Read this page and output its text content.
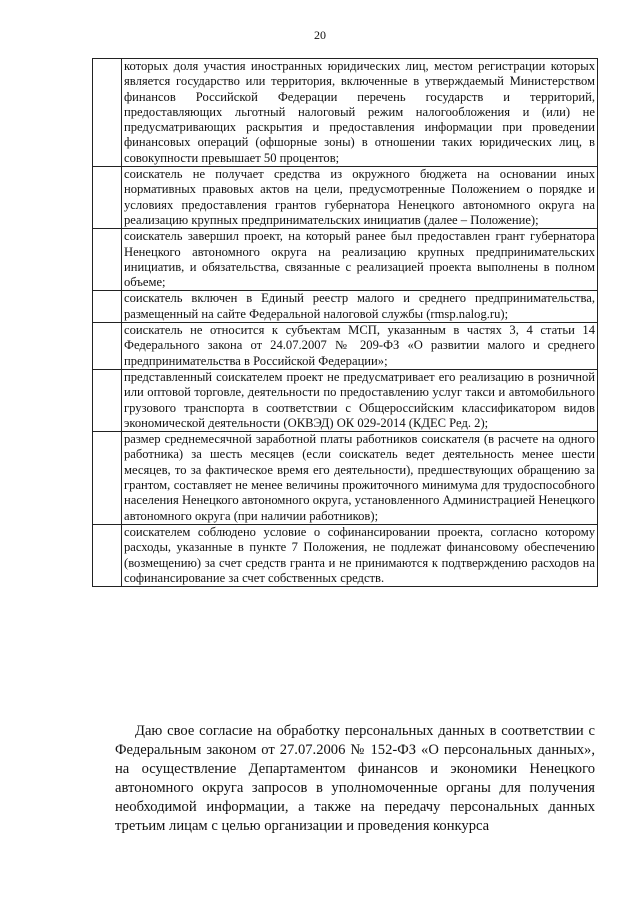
20
	которых доля участия иностранных юридических лиц, местом регистрации которых является государство или территория, включенные в утверждаемый Министерством финансов Российской Федерации перечень государств и территорий, предоставляющих льготный налоговый режим налогообложения и (или) не предусматривающих раскрытия и предоставления информации при проведении финансовых операций (офшорные зоны) в отношении таких юридических лиц, в совокупности превышает 50 процентов;
	соискатель не получает средства из окружного бюджета на основании иных нормативных правовых актов на цели, предусмотренные Положением о порядке и условиях предоставления грантов губернатора Ненецкого автономного округа на реализацию крупных предпринимательских инициатив (далее – Положение);
	соискатель завершил проект, на который ранее был предоставлен грант губернатора Ненецкого автономного округа на реализацию крупных предпринимательских инициатив, и обязательства, связанные с реализацией проекта выполнены в полном объеме;
	соискатель включен в Единый реестр малого и среднего предпринимательства, размещенный на сайте Федеральной налоговой службы (rmsp.nalog.ru);
	соискатель не относится к субъектам МСП, указанным в частях 3, 4 статьи 14 Федерального закона от 24.07.2007 № 209-ФЗ «О развитии малого и среднего предпринимательства в Российской Федерации»;
	представленный соискателем проект не предусматривает его реализацию в розничной или оптовой торговле, деятельности по предоставлению услуг такси и автомобильного грузового транспорта в соответствии с Общероссийским классификатором видов экономической деятельности (ОКВЭД) ОК 029-2014 (КДЕС Ред. 2);
	размер среднемесячной заработной платы работников соискателя (в расчете на одного работника) за шесть месяцев (если соискатель ведет деятельность менее шести месяцев, то за фактическое время его деятельности), предшествующих обращению за грантом, составляет не менее величины прожиточного минимума для трудоспособного населения Ненецкого автономного округа, установленного Администрацией Ненецкого автономного округа (при наличии работников);
	соискателем соблюдено условие о софинансировании проекта, согласно которому расходы, указанные в пункте 7 Положения, не подлежат финансовому обеспечению (возмещению) за счет средств гранта и не принимаются к подтверждению расходов на софинансирование за счет собственных средств.

Даю свое согласие на обработку персональных данных в соответствии с Федеральным законом от 27.07.2006 № 152-ФЗ «О персональных данных», на осуществление Департаментом финансов и экономики Ненецкого автономного округа запросов в уполномоченные органы для получения необходимой информации, а также на передачу персональных данных третьим лицам с целью организации и проведения конкурса
